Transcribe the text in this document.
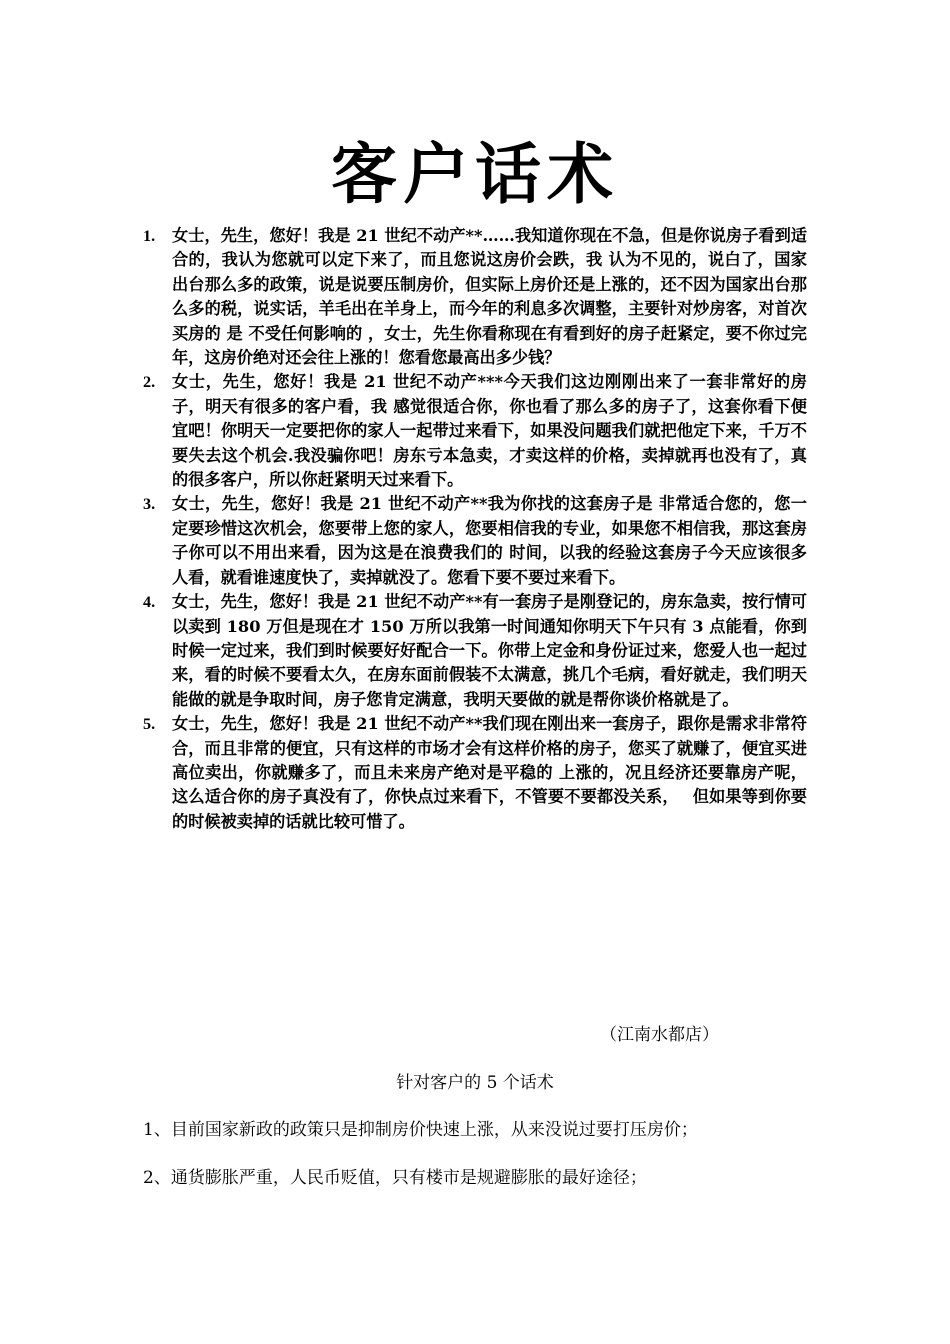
客户话术
1.	女士，先生，您好！我是 21 世纪不动产**……我知道你现在不急，但是你说房子看到适合的，我认为您就可以定下来了，而且您说这房价会跌，我 认为不见的，说白了，国家出台那么多的政策，说是说要压制房价，但实际上房价还是上涨的，还不因为国家出台那么多的税，说实话，羊毛出在羊身上，而今年的利息多次调整，主要针对炒房客，对首次买房的 是 不受任何影响的 ，女士，先生你看称现在有看到好的房子赶紧定，要不你过完年，这房价绝对还会往上涨的！您看您最高出多少钱？
2.	女士，先生，您好！我是 21 世纪不动产***今天我们这边刚刚出来了一套非常好的房子，明天有很多的客户看，我 感觉很适合你，你也看了那么多的房子了，这套你看下便宜吧！你明天一定要把你的家人一起带过来看下，如果没问题我们就把他定下来，千万不要失去这个机会.我没骗你吧！房东亏本急卖，才卖这样的价格，卖掉就再也没有了，真的很多客户，所以你赶紧明天过来看下。
3.	女士，先生，您好！我是 21 世纪不动产**我为你找的这套房子是 非常适合您的，您一定要珍惜这次机会，您要带上您的家人，您要相信我的专业，如果您不相信我，那这套房子你可以不用出来看，因为这是在浪费我们的 时间，以我的经验这套房子今天应该很多人看，就看谁速度快了，卖掉就没了。您看下要不要过来看下。
4.	女士，先生，您好！我是 21 世纪不动产**有一套房子是刚登记的，房东急卖，按行情可以卖到 180 万但是现在才 150 万所以我第一时间通知你明天下午只有 3 点能看，你到时候一定过来，我们到时候要好好配合一下。你带上定金和身份证过来，您爱人也一起过来，看的时候不要看太久，在房东面前假装不太满意，挑几个毛病，看好就走，我们明天能做的就是争取时间，房子您肯定满意，我明天要做的就是帮你谈价格就是了。
5.	女士，先生，您好！我是 21 世纪不动产**我们现在刚出来一套房子，跟你是需求非常符合，而且非常的便宜，只有这样的市场才会有这样价格的房子，您买了就赚了，便宜买进高位卖出，你就赚多了，而且未来房产绝对是平稳的 上涨的，况且经济还要靠房产呢，这么适合你的房子真没有了，你快点过来看下，不管要不要都没关系，　 但如果等到你要的时候被卖掉的话就比较可惜了。
（江南水都店）
针对客户的 5 个话术
1、目前国家新政的政策只是抑制房价快速上涨，从来没说过要打压房价；
2、通货膨胀严重，人民币贬值，只有楼市是规避膨胀的最好途径；
